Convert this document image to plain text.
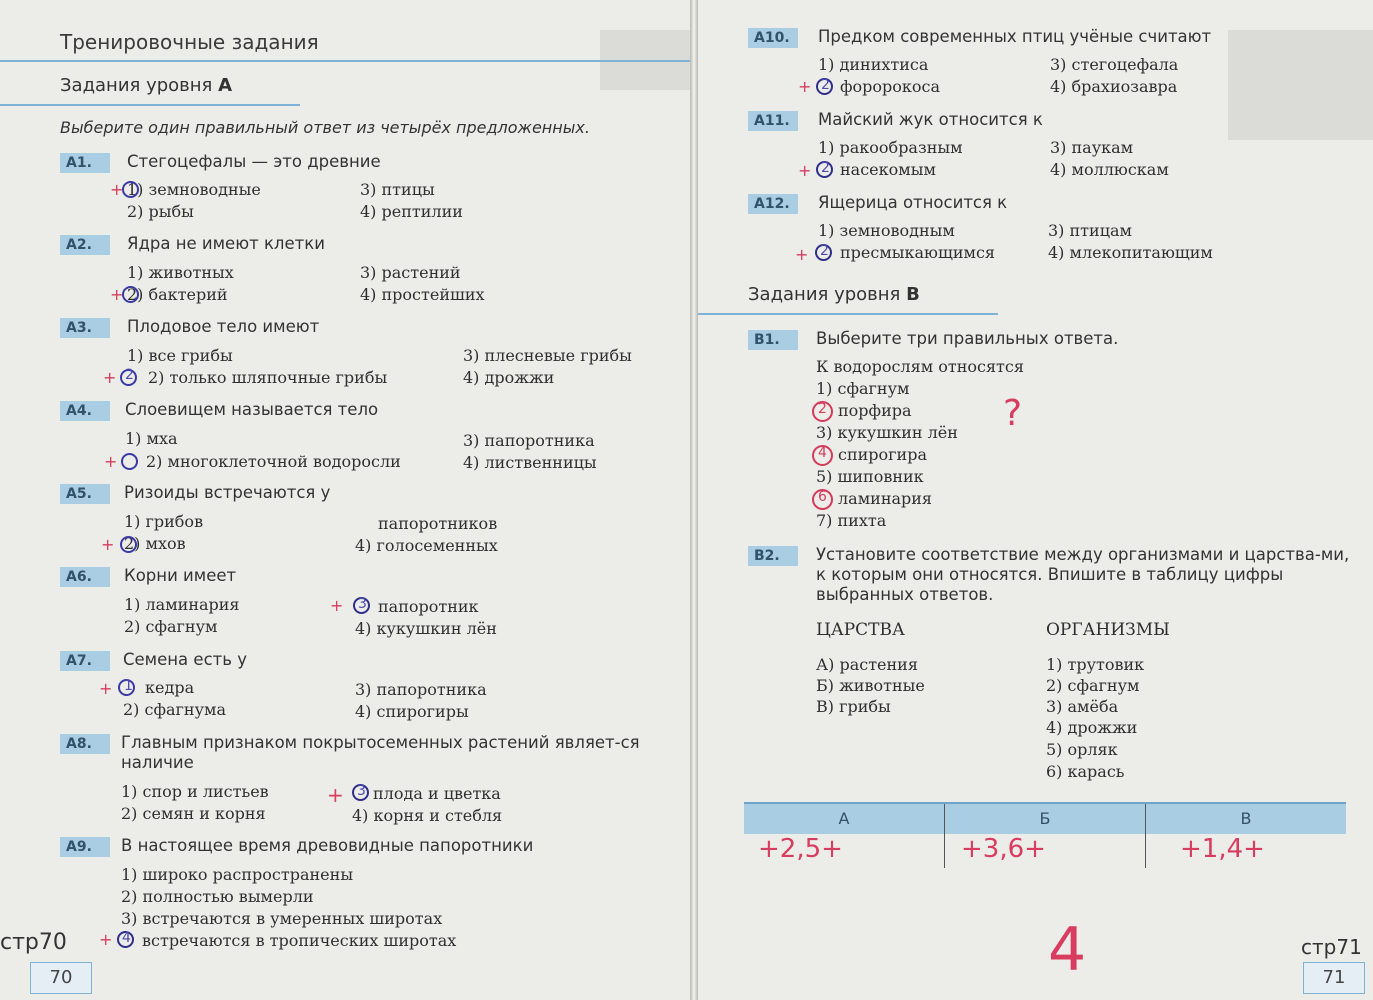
Тренировочные задания
Задания уровня А
Выберите один правильный ответ из четырёх предложенных.
A1.	Стегоцефалы — это древние
1) земноводные
2) рыбы
3) птицы
4) рептилии
+
A2.	Ядра не имеют клетки
1) животных
2) бактерий
3) растений
4) простейших
+
A3.	Плодовое тело имеют
1) все грибы
2) только шляпочные грибы
3) плесневые грибы
4) дрожжи
+ 2
A4.	Слоевищем называется тело
1) мха
2) многоклеточной водоросли
3) папоротника
4) лиственницы
+
A5.	Ризоиды встречаются у
1) грибов
2) мхов
папоротников
4) голосеменных
+
A6.	Корни имеет
1) ламинария
2) сфагнум
папоротник
4) кукушкин лён
+ 3
A7.	Семена есть у
кедра
2) сфагнума
3) папоротника
4) спирогиры
+ 1
A8.	Главным признаком покрытосеменных растений являет-ся наличие
1) спор и листьев
2) семян и корня
плода и цветка
4) корня и стебля
+ 3
A9.	В настоящее время древовидные папоротники
1) широко распространены
2) полностью вымерли
3) встречаются в умеренных широтах
встречаются в тропических широтах
+ 4
стр70
70
A10.	Предком современных птиц учёные считают
1) динихтиса
форорокоса
3) стегоцефала
4) брахиозавра
+ 2
A11.	Майский жук относится к
1) ракообразным
насекомым
3) паукам
4) моллюскам
+ 2
A12.	Ящерица относится к
1) земноводным
пресмыкающимся
3) птицам
4) млекопитающим
+ 2
Задания уровня В
B1.	Выберите три правильных ответа.
К водорослям относятся
1) сфагнум
порфира
3) кукушкин лён
спирогира
5) шиповник
ламинария
7) пихта
2
4
6
?
B2.	Установите соответствие между организмами и царства-ми, к которым они относятся. Впишите в таблицу цифры выбранных ответов.
ЦАРСТВА	ОРГАНИЗМЫ
А) растения
Б) животные
В) грибы
1) трутовик
2) сфагнум
3) амёба
4) дрожжи
5) орляк
6) карась
А	Б	В
+2,5+	+3,6+	+1,4+
4	стр71
71
